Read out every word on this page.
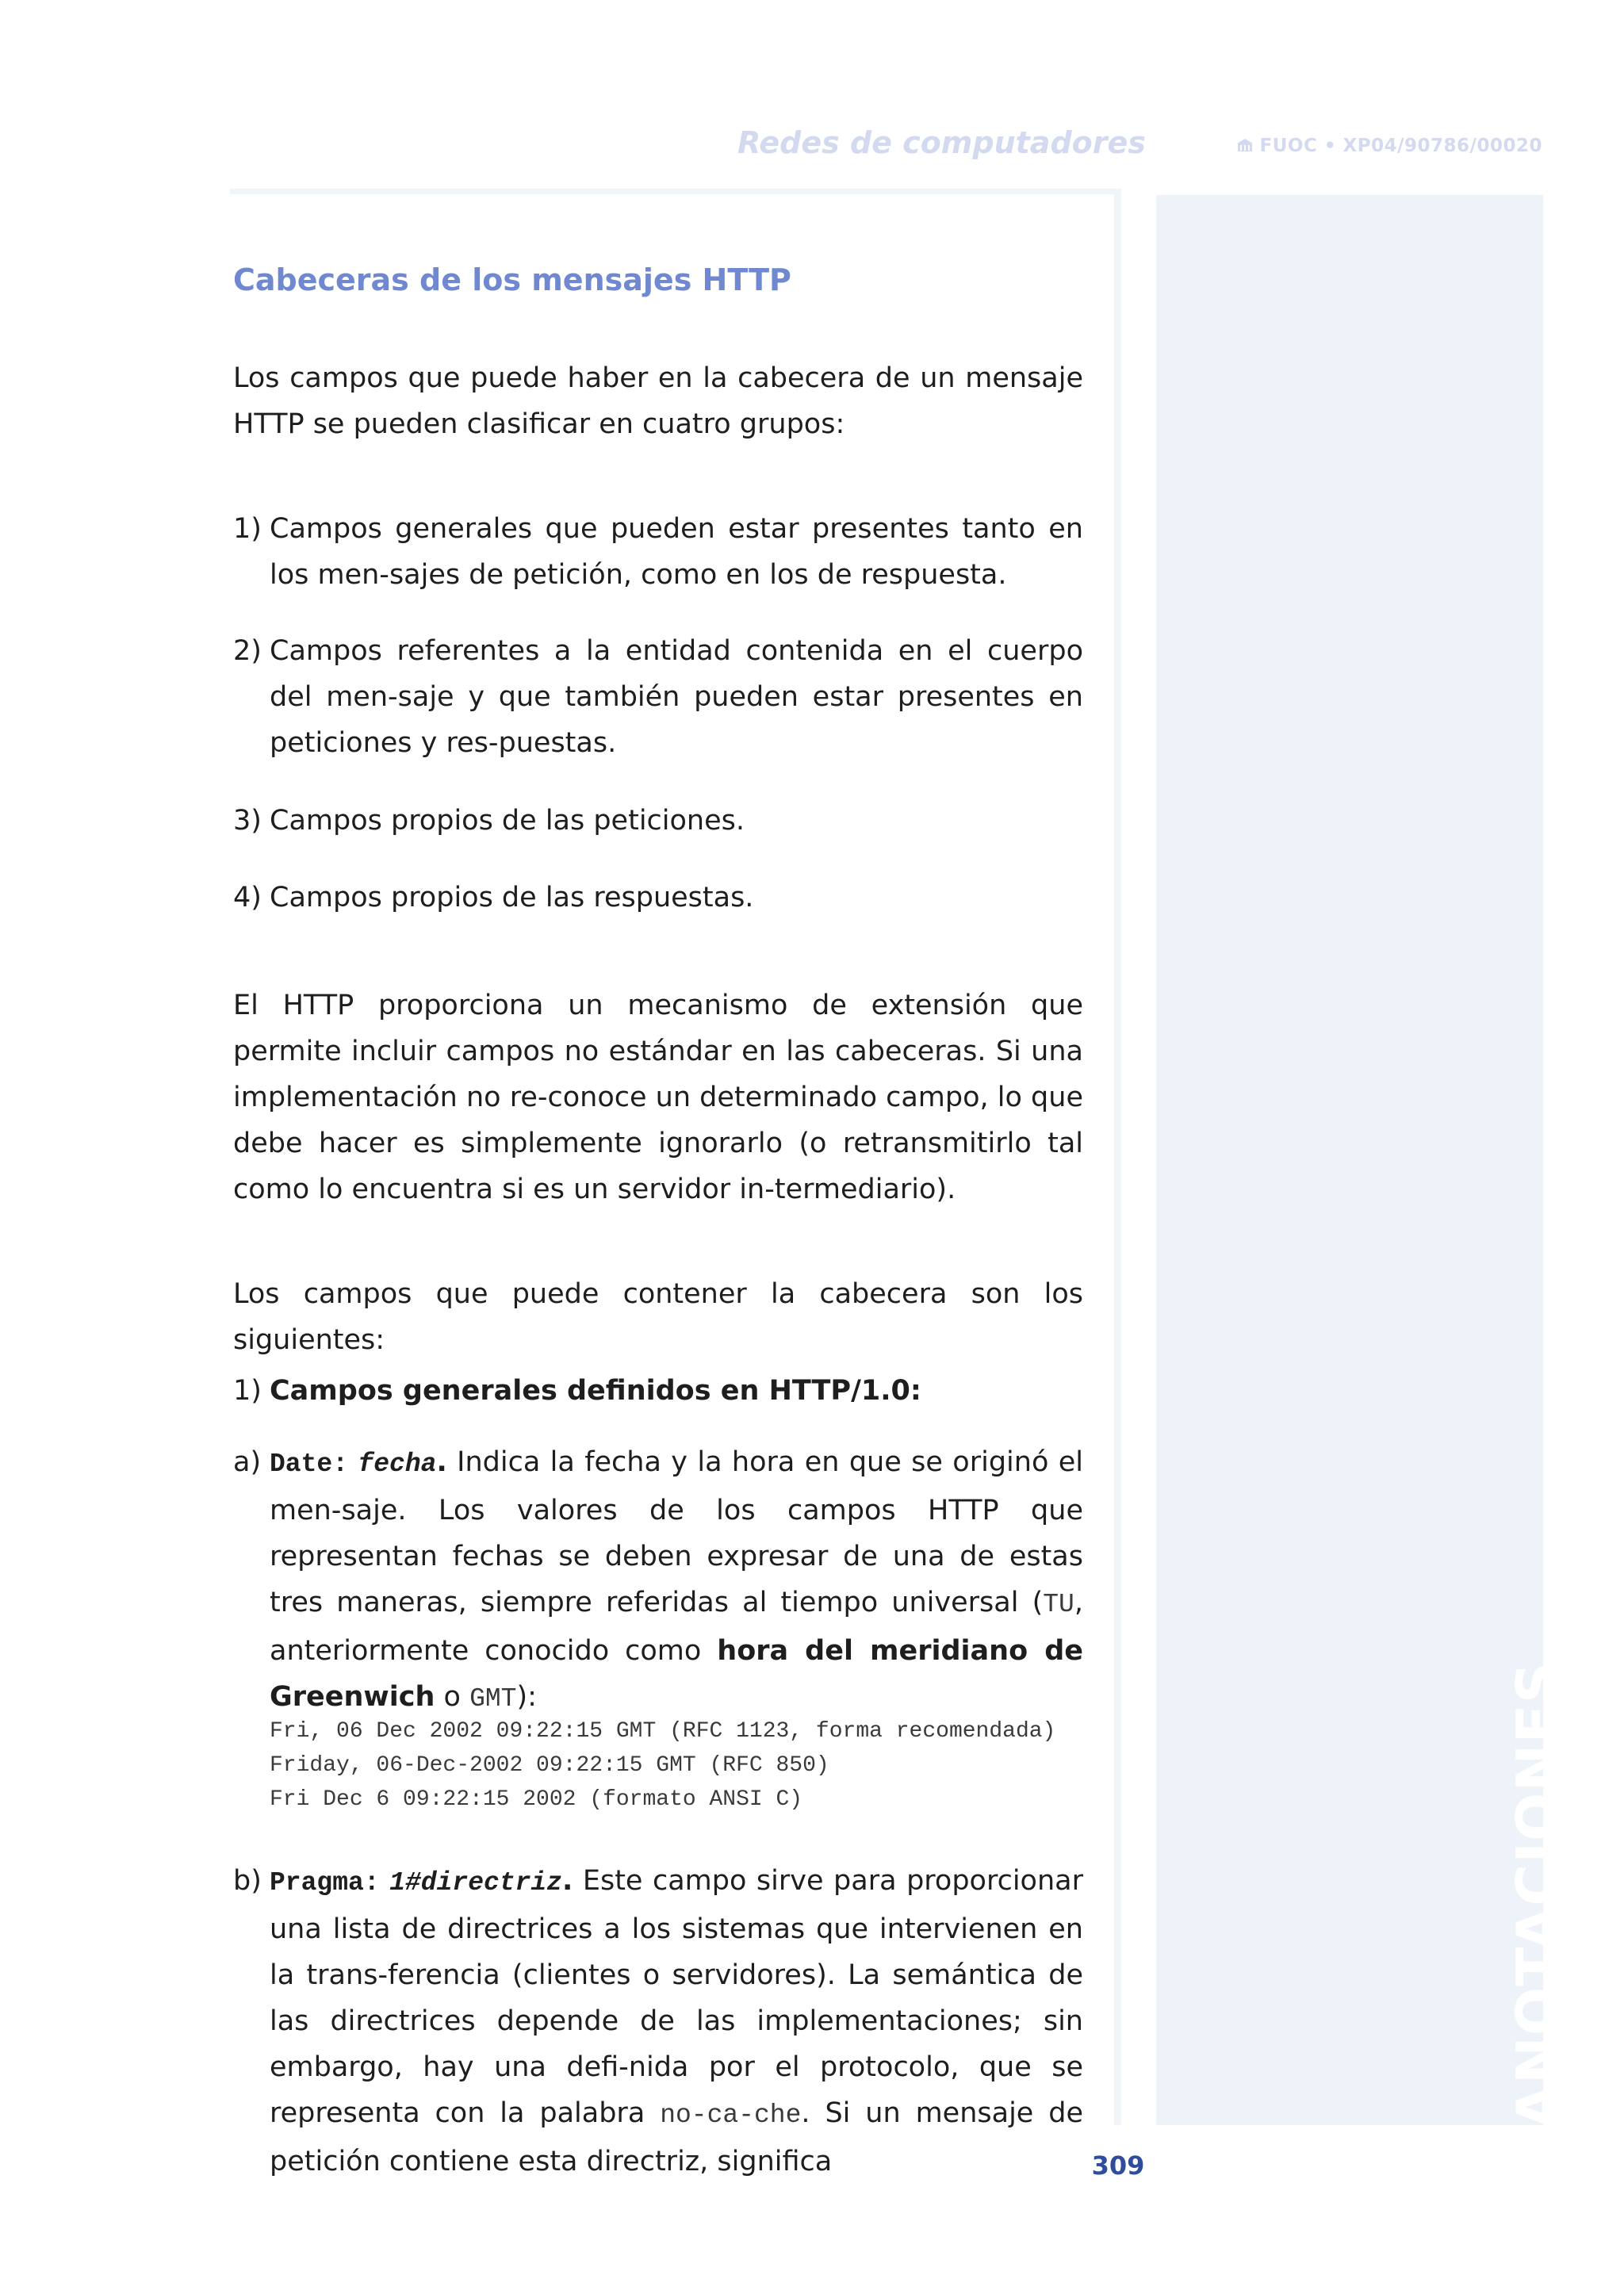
Redes de computadores	FUOC • XP04/90786/00020
ANOTACIONES
Cabeceras de los mensajes HTTP
Los campos que puede haber en la cabecera de un mensaje HTTP se pueden clasificar en cuatro grupos:
1) Campos generales que pueden estar presentes tanto en los men-sajes de petición, como en los de respuesta.
2) Campos referentes a la entidad contenida en el cuerpo del men-saje y que también pueden estar presentes en peticiones y res-puestas.
3) Campos propios de las peticiones.
4) Campos propios de las respuestas.
El HTTP proporciona un mecanismo de extensión que permite incluir campos no estándar en las cabeceras. Si una implementación no re-conoce un determinado campo, lo que debe hacer es simplemente ignorarlo (o retransmitirlo tal como lo encuentra si es un servidor in-termediario).
Los campos que puede contener la cabecera son los siguientes:
1) Campos generales definidos en HTTP/1.0:
a) Date: fecha. Indica la fecha y la hora en que se originó el men-saje. Los valores de los campos HTTP que representan fechas se deben expresar de una de estas tres maneras, siempre referidas al tiempo universal (TU, anteriormente conocido como hora del meridiano de Greenwich o GMT):
Fri, 06 Dec 2002 09:22:15 GMT (RFC 1123, forma recomendada)
Friday, 06-Dec-2002 09:22:15 GMT (RFC 850)
Fri Dec 6 09:22:15 2002 (formato ANSI C)
b) Pragma: 1#directriz. Este campo sirve para proporcionar una lista de directrices a los sistemas que intervienen en la trans-ferencia (clientes o servidores). La semántica de las directrices depende de las implementaciones; sin embargo, hay una defi-nida por el protocolo, que se representa con la palabra no-ca-che. Si un mensaje de petición contiene esta directriz, significa	309
